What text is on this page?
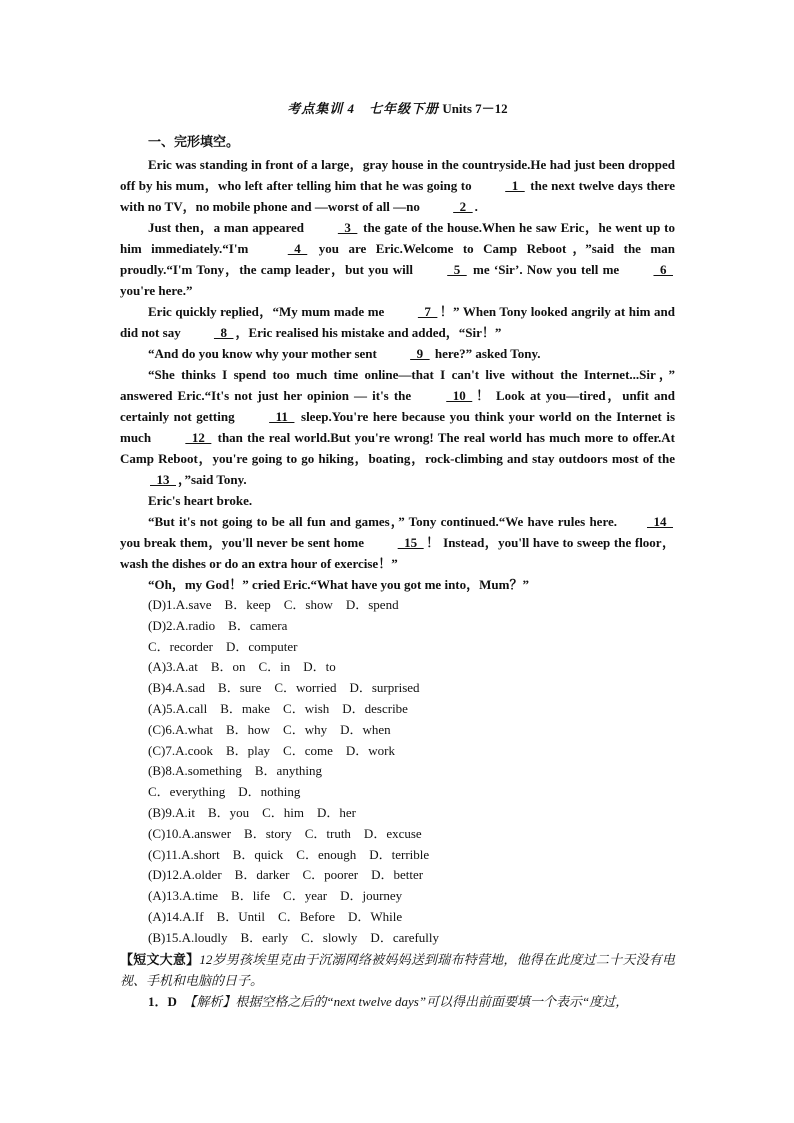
考点集训 4　七年级下册 Units 7－12
一、完形填空。

Eric was standing in front of a large，gray house in the countryside.He had just been dropped off by his mum，who left after telling him that he was going to   1   the next twelve days there with no TV，no mobile phone and —worst of all —no   2  .

Just then，a man appeared   3   the gate of the house.When he saw Eric，he went up to him immediately.“I'm   4   you are Eric.Welcome to Camp Reboot，”said the man proudly.“I'm Tony，the camp leader，but you will   5   me ‘Sir’. Now you tell me   6   you're here.”

Eric quickly replied，“My mum made me   7  ！” When Tony looked angrily at him and did not say   8  ，Eric realised his mistake and added，“Sir！”

“And do you know why your mother sent   9   here?” asked Tony.

“She thinks I spend too much time online—that I can't live without the Internet...Sir，” answered Eric.“It's not just her opinion — it's the   10  ！ Look at you—tired，unfit and certainly not getting   11   sleep.You're here because you think your world on the Internet is much   12   than the real world.But you're wrong! The real world has much more to offer.At Camp Reboot，you're going to go hiking，boating，rock-climbing and stay outdoors most of the   13  ，”said Tony.

Eric's heart broke.

“But it's not going to be all fun and games，” Tony continued.“We have rules here.  14   you break them，you'll never be sent home   15  ！ Instead，you'll have to sweep the floor，wash the dishes or do an extra hour of exercise！”

“Oh，my God！” cried Eric.“What have you got me into，Mum？”

(D)1.A.save　B．keep　C．show　D．spend
(D)2.A.radio　B．camera
C．recorder　D．computer
(A)3.A.at　B．on　C．in　D．to
(B)4.A.sad　B．sure　C．worried　D．surprised
(A)5.A.call　B．make　C．wish　D．describe
(C)6.A.what　B．how　C．why　D．when
(C)7.A.cook　B．play　C．come　D．work
(B)8.A.something　B．anything
C．everything　D．nothing
(B)9.A.it　B．you　C．him　D．her
(C)10.A.answer　B．story　C．truth　D．excuse
(C)11.A.short　B．quick　C．enough　D．terrible
(D)12.A.older　B．darker　C．poorer　D．better
(A)13.A.time　B．life　C．year　D．journey
(A)14.A.If　B．Until　C．Before　D．While
(B)15.A.loudly　B．early　C．slowly　D．carefully

【短文大意】12岁男孩埃里克由于沉溺网络被妈妈送到瑞布特营地，他得在此度过二十天没有电视、手机和电脑的日子。

1．D　 【解析】根据空格之后的“next twelve days”可以得出前面要填一个表示“度过，
